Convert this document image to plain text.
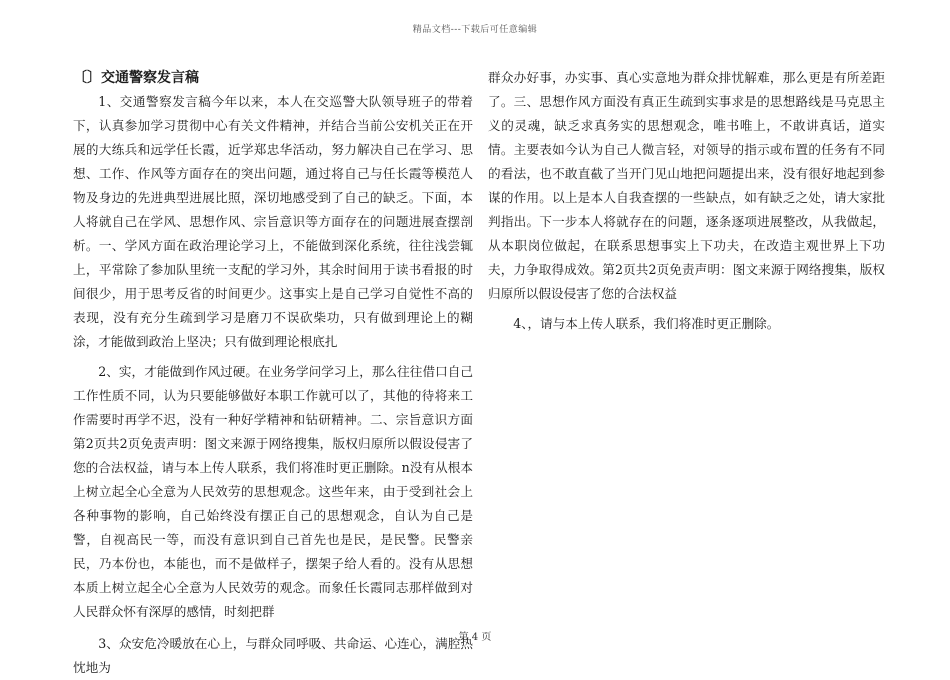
精品文档---下载后可任意编辑
〔〕交通警察发言稿

1、交通警察发言稿今年以来，本人在交巡警大队领导班子的带着下，认真参加学习贯彻中心有关文件精神，并结合当前公安机关正在开展的大练兵和远学任长霞，近学郑忠华活动，努力解决自己在学习、思想、工作、作风等方面存在的突出问题，通过将自己与任长霞等模范人物及身边的先进典型进展比照，深切地感受到了自己的缺乏。下面，本人将就自己在学风、思想作风、宗旨意识等方面存在的问题进展查摆剖析。一、学风方面在政治理论学习上，不能做到深化系统，往往浅尝辄上，平常除了参加队里统一支配的学习外，其余时间用于读书看报的时间很少，用于思考反省的时间更少。这事实上是自己学习自觉性不高的表现，没有充分生疏到学习是磨刀不误砍柴功，只有做到理论上的糊涂，才能做到政治上坚决；只有做到理论根底扎

2、实，才能做到作风过硬。在业务学问学习上，那么往往借口自己工作性质不同，认为只要能够做好本职工作就可以了，其他的待将来工作需要时再学不迟，没有一种好学精神和钻研精神。二、宗旨意识方面第2页共2页免责声明：图文来源于网络搜集，版权归原所以假设侵害了您的合法权益，请与本上传人联系，我们将准时更正删除。n没有从根本上树立起全心全意为人民效劳的思想观念。这些年来，由于受到社会上各种事物的影响，自己始终没有摆正自己的思想观念，自认为自己是警，自视高民一等，而没有意识到自己首先也是民，是民警。民警亲民，乃本份也，本能也，而不是做样子，摆架子给人看的。没有从思想本质上树立起全心全意为人民效劳的观念。而象任长霞同志那样做到对人民群众怀有深厚的感情，时刻把群

3、众安危冷暖放在心上，与群众同呼吸、共命运、心连心，满腔热忱地为

群众办好事，办实事、真心实意地为群众排忧解难，那么更是有所差距了。三、思想作风方面没有真正生疏到实事求是的思想路线是马克思主义的灵魂，缺乏求真务实的思想观念，唯书唯上，不敢讲真话，道实情。主要表如今认为自己人微言轻，对领导的指示或布置的任务有不同的看法，也不敢直截了当开门见山地把问题提出来，没有很好地起到参谋的作用。以上是本人自我查摆的一些缺点，如有缺乏之处，请大家批判指出。下一步本人将就存在的问题，逐条逐项进展整改，从我做起，从本职岗位做起，在联系思想事实上下功夫，在改造主观世界上下功夫，力争取得成效。第2页共2页免责声明：图文来源于网络搜集，版权归原所以假设侵害了您的合法权益

4、，请与本上传人联系，我们将准时更正删除。

第 4 页
